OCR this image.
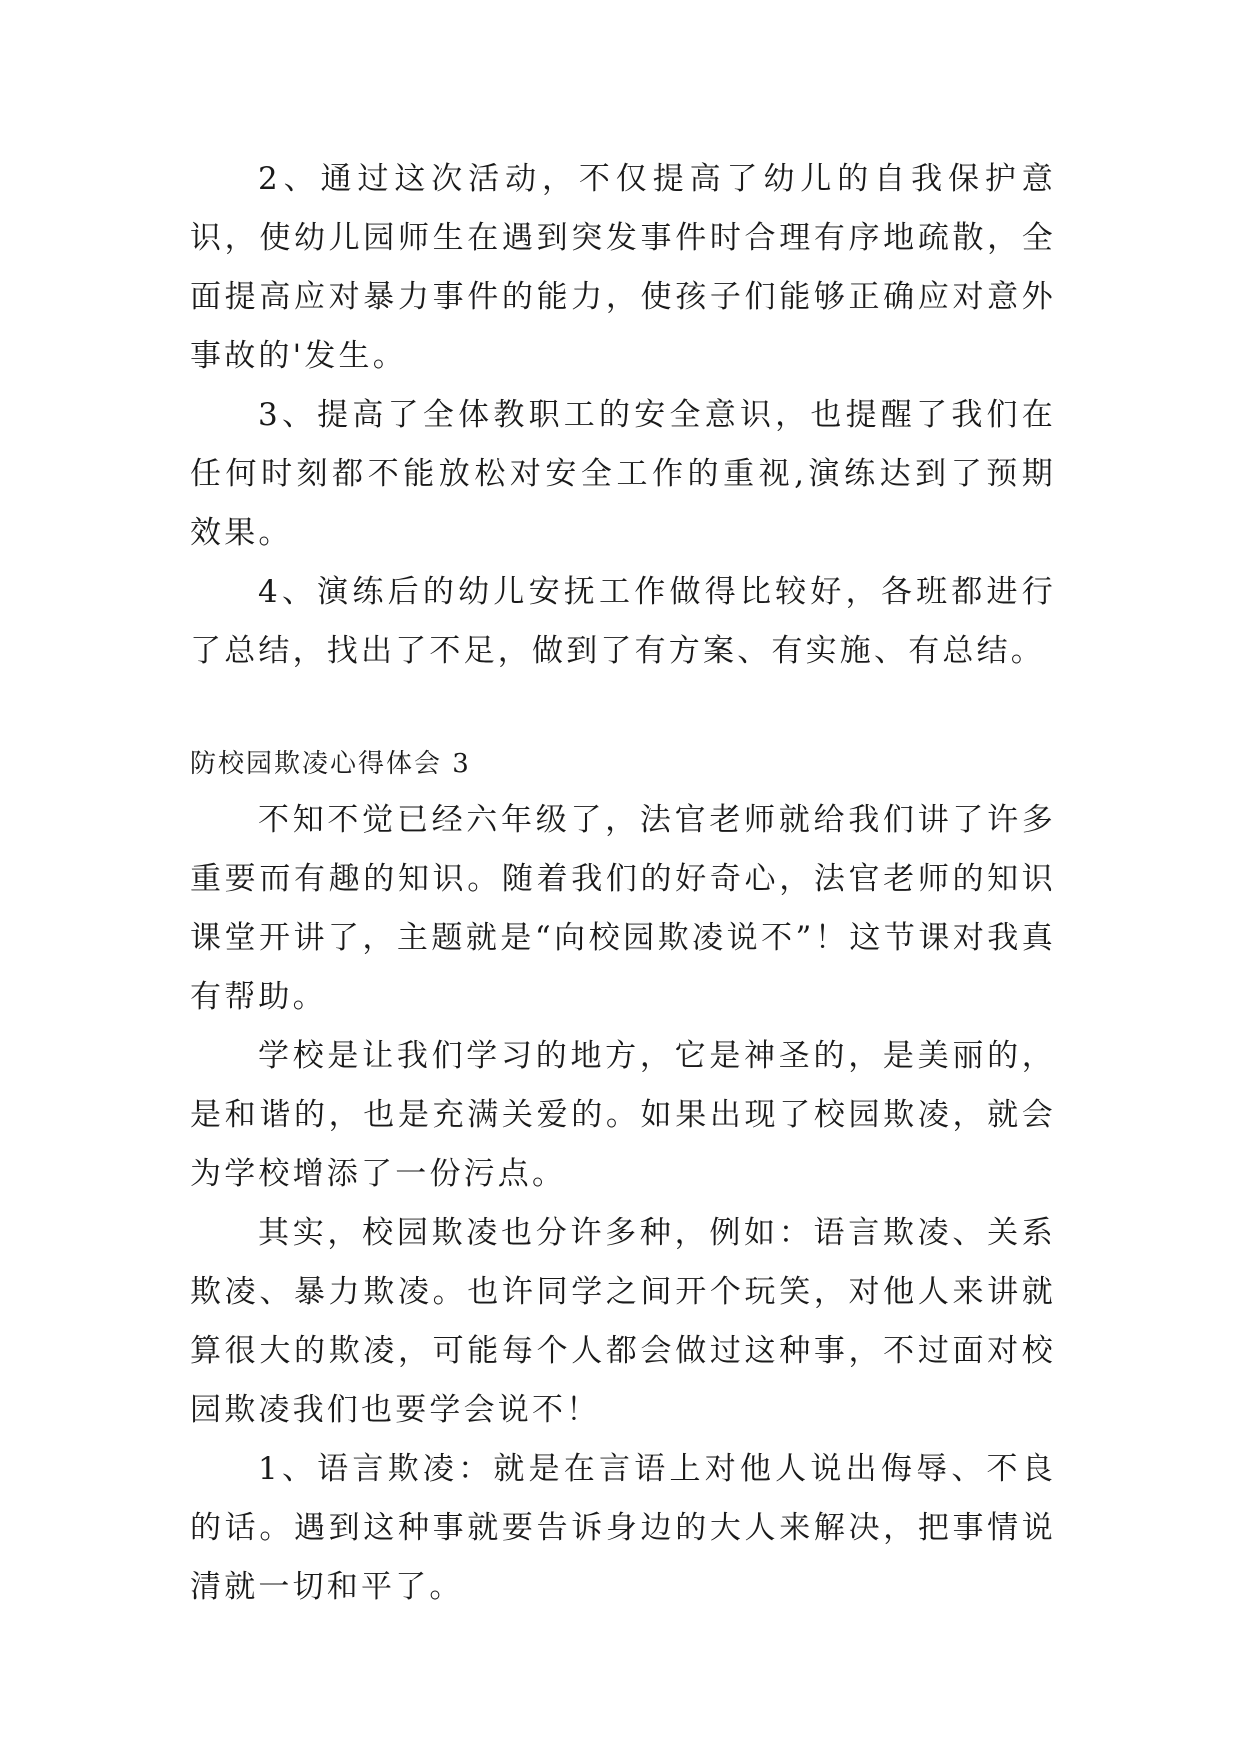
2、通过这次活动，不仅提高了幼儿的自我保护意识，使幼儿园师生在遇到突发事件时合理有序地疏散，全面提高应对暴力事件的能力，使孩子们能够正确应对意外事故的'发生。

3、提高了全体教职工的安全意识，也提醒了我们在任何时刻都不能放松对安全工作的重视,演练达到了预期效果。

4、演练后的幼儿安抚工作做得比较好，各班都进行了总结，找出了不足，做到了有方案、有实施、有总结。

防校园欺凌心得体会 3

不知不觉已经六年级了，法官老师就给我们讲了许多重要而有趣的知识。随着我们的好奇心，法官老师的知识课堂开讲了，主题就是“向校园欺凌说不”！这节课对我真有帮助。

学校是让我们学习的地方，它是神圣的，是美丽的，是和谐的，也是充满关爱的。如果出现了校园欺凌，就会为学校增添了一份污点。

其实，校园欺凌也分许多种，例如：语言欺凌、关系欺凌、暴力欺凌。也许同学之间开个玩笑，对他人来讲就算很大的欺凌，可能每个人都会做过这种事，不过面对校园欺凌我们也要学会说不！

1、语言欺凌：就是在言语上对他人说出侮辱、不良的话。遇到这种事就要告诉身边的大人来解决，把事情说清就一切和平了。
